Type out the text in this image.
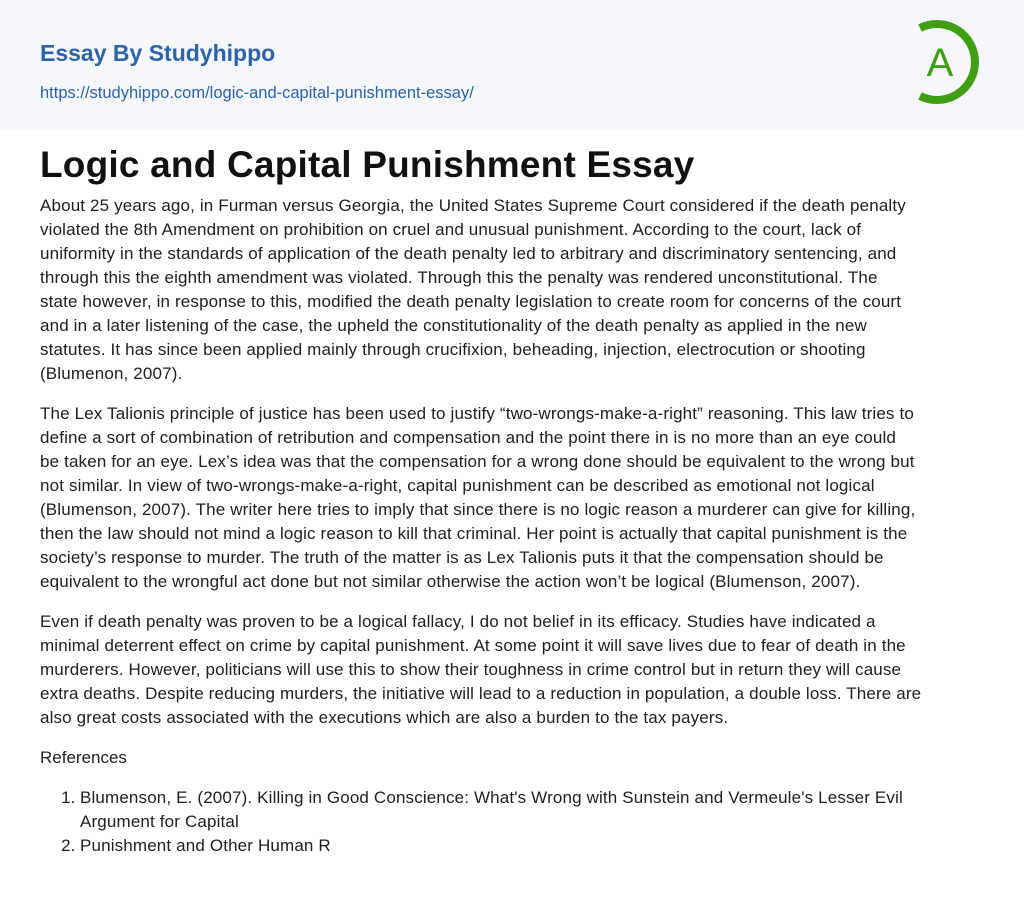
Essay By Studyhippo
https://studyhippo.com/logic-and-capital-punishment-essay/
A
Logic and Capital Punishment Essay
About 25 years ago, in Furman versus Georgia, the United States Supreme Court considered if the death penalty
violated the 8th Amendment on prohibition on cruel and unusual punishment. According to the court, lack of
uniformity in the standards of application of the death penalty led to arbitrary and discriminatory sentencing, and
through this the eighth amendment was violated. Through this the penalty was rendered unconstitutional. The
state however, in response to this, modified the death penalty legislation to create room for concerns of the court
and in a later listening of the case, the upheld the constitutionality of the death penalty as applied in the new
statutes. It has since been applied mainly through crucifixion, beheading, injection, electrocution or shooting
(Blumenon, 2007).
The Lex Talionis principle of justice has been used to justify “two-wrongs-make-a-right” reasoning. This law tries to
define a sort of combination of retribution and compensation and the point there in is no more than an eye could
be taken for an eye. Lex’s idea was that the compensation for a wrong done should be equivalent to the wrong but
not similar. In view of two-wrongs-make-a-right, capital punishment can be described as emotional not logical
(Blumenson, 2007). The writer here tries to imply that since there is no logic reason a murderer can give for killing,
then the law should not mind a logic reason to kill that criminal. Her point is actually that capital punishment is the
society’s response to murder. The truth of the matter is as Lex Talionis puts it that the compensation should be
equivalent to the wrongful act done but not similar otherwise the action won’t be logical (Blumenson, 2007).
Even if death penalty was proven to be a logical fallacy, I do not belief in its efficacy. Studies have indicated a
minimal deterrent effect on crime by capital punishment. At some point it will save lives due to fear of death in the
murderers. However, politicians will use this to show their toughness in crime control but in return they will cause
extra deaths. Despite reducing murders, the initiative will lead to a reduction in population, a double loss. There are
also great costs associated with the executions which are also a burden to the tax payers.
References
1. Blumenson, E. (2007). Killing in Good Conscience: What's Wrong with Sunstein and Vermeule's Lesser Evil
Argument for Capital
2. Punishment and Other Human R
